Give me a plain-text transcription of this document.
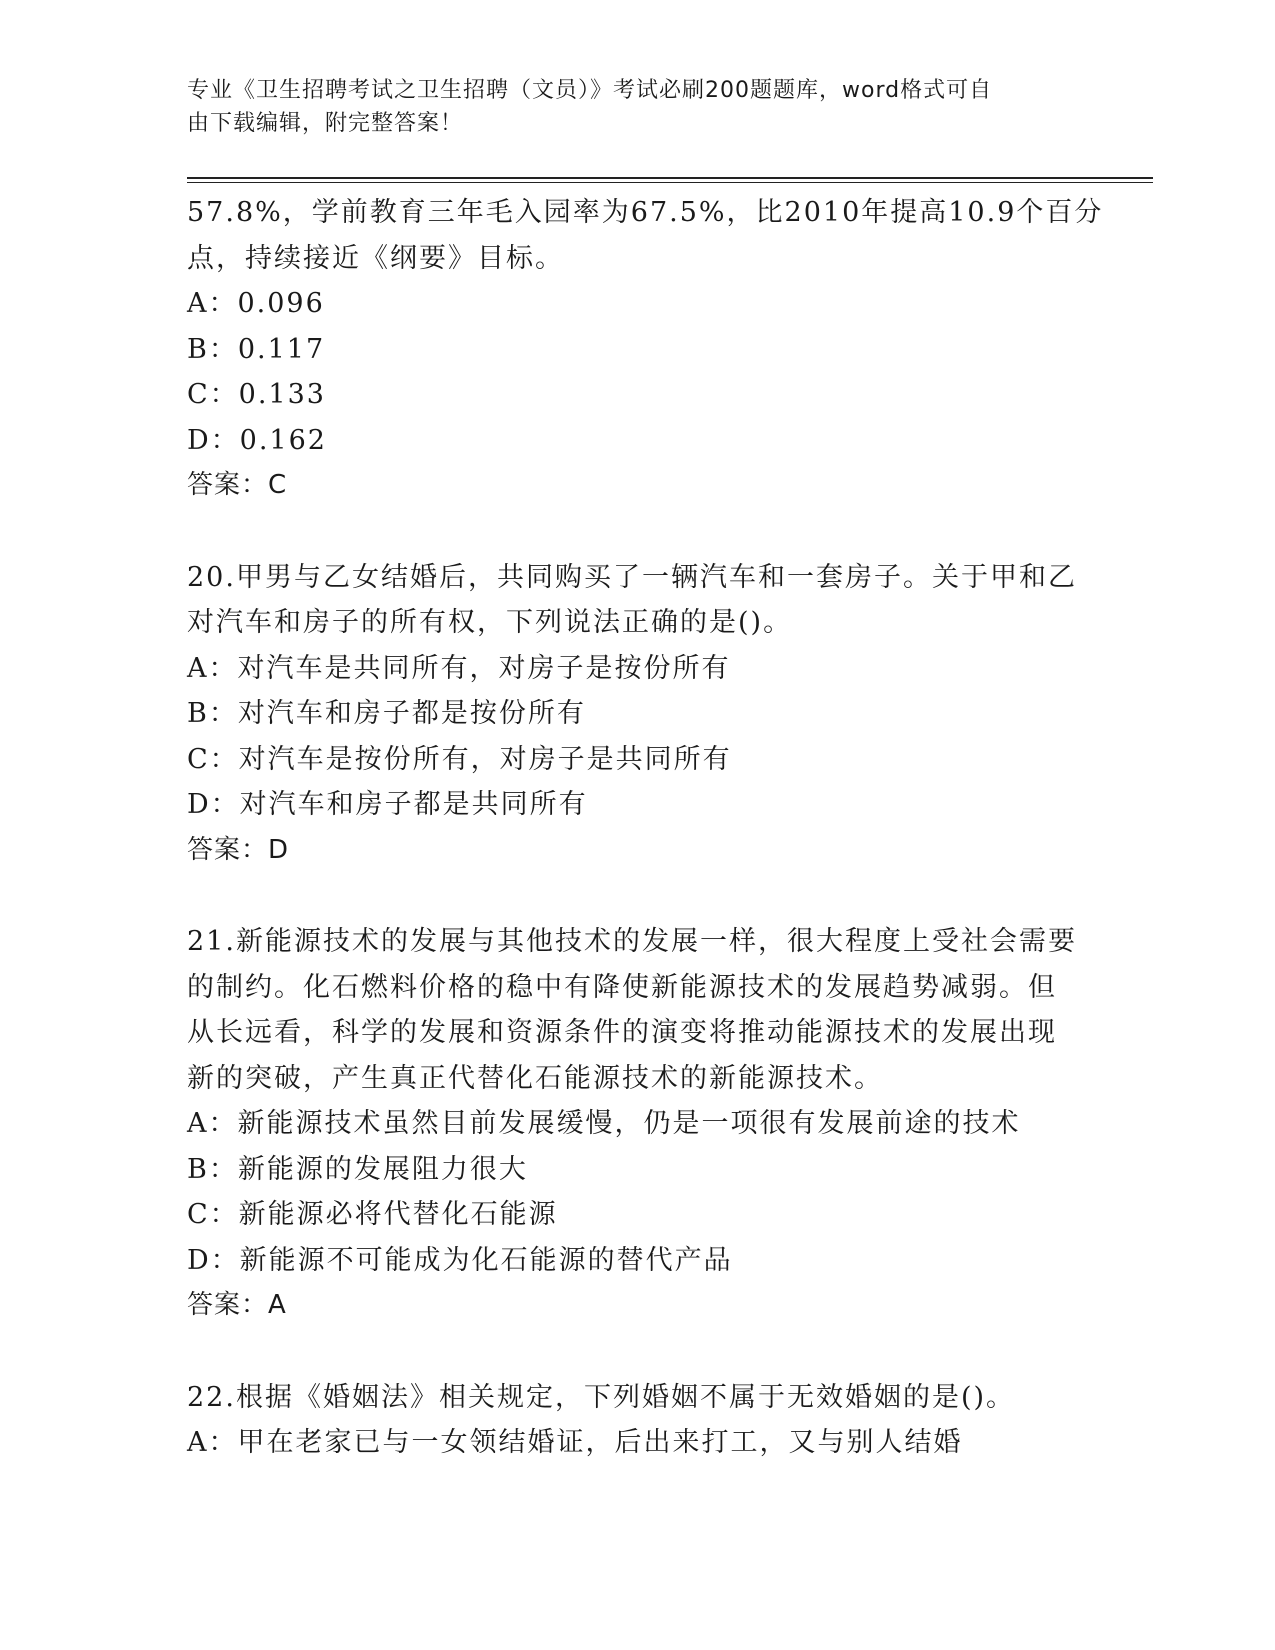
专业《卫生招聘考试之卫生招聘（文员）》考试必刷200题题库，word格式可自
由下载编辑，附完整答案！
57.8%，学前教育三年毛入园率为67.5%，比2010年提高10.9个百分
点，持续接近《纲要》目标。
A：0.096
B：0.117
C：0.133
D：0.162
答案：C
20.甲男与乙女结婚后，共同购买了一辆汽车和一套房子。关于甲和乙
对汽车和房子的所有权，下列说法正确的是()。
A：对汽车是共同所有，对房子是按份所有
B：对汽车和房子都是按份所有
C：对汽车是按份所有，对房子是共同所有
D：对汽车和房子都是共同所有
答案：D
21.新能源技术的发展与其他技术的发展一样，很大程度上受社会需要
的制约。化石燃料价格的稳中有降使新能源技术的发展趋势减弱。但
从长远看，科学的发展和资源条件的演变将推动能源技术的发展出现
新的突破，产生真正代替化石能源技术的新能源技术。
A：新能源技术虽然目前发展缓慢，仍是一项很有发展前途的技术
B：新能源的发展阻力很大
C：新能源必将代替化石能源
D：新能源不可能成为化石能源的替代产品
答案：A
22.根据《婚姻法》相关规定，下列婚姻不属于无效婚姻的是()。
A：甲在老家已与一女领结婚证，后出来打工，又与别人结婚
